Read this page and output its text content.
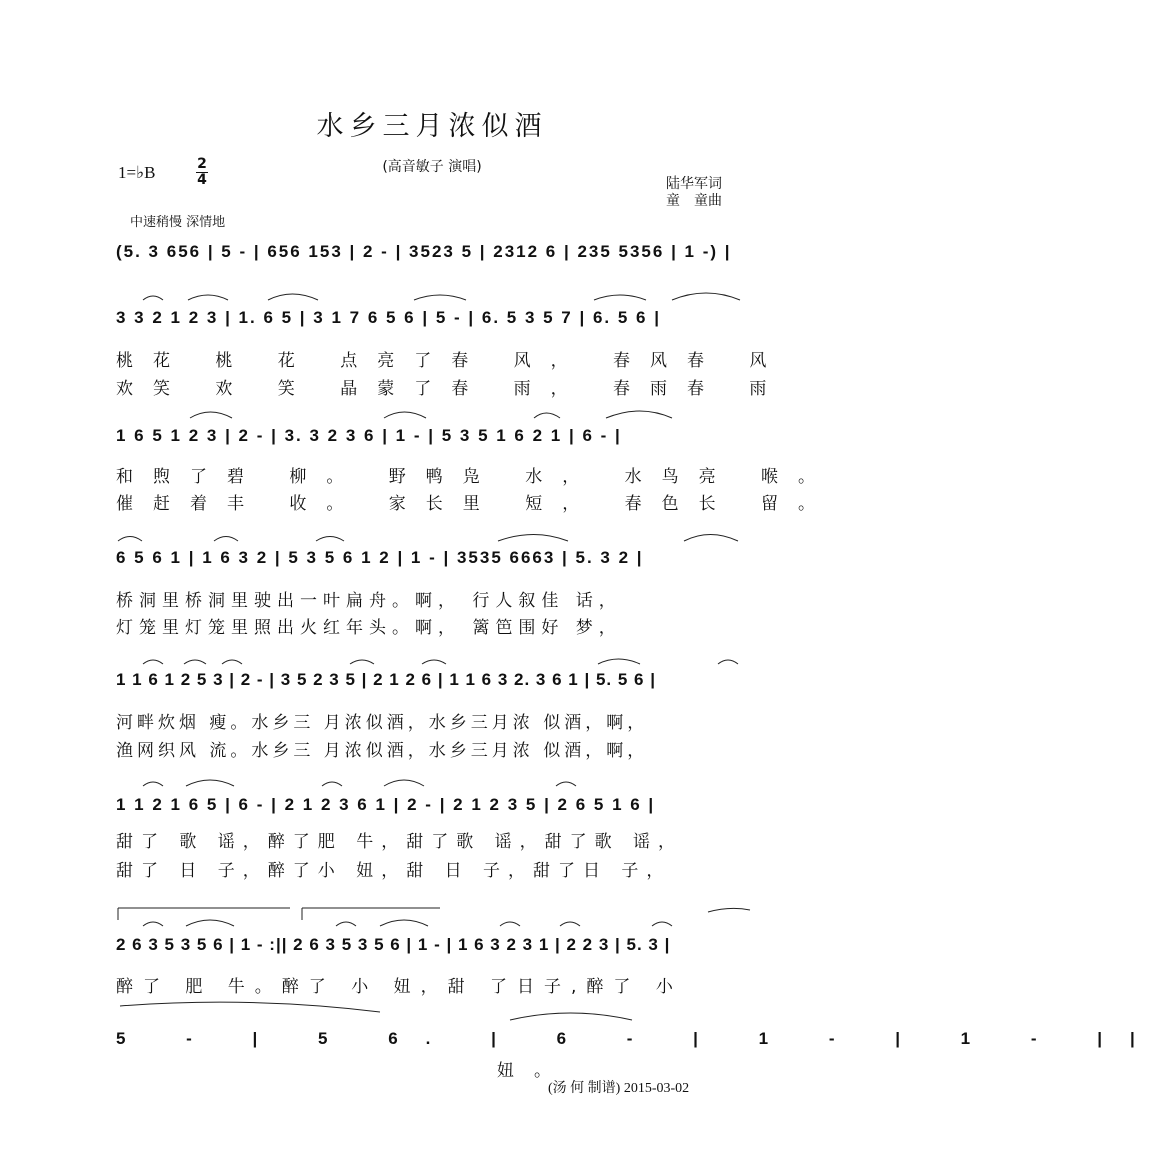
水乡三月浓似酒
(高音敏子 演唱)
1=♭B	2
4	陆华军词
童　童曲
中速稍慢 深情地
(5. 3 656 | 5 - | 656 153 | 2 - | 3523 5 | 2312 6 | 235 5356 | 1 -) |
3 3 2 1 2 3 | 1. 6 5 | 3 1 7 6 5 6 | 5 - | 6. 5 3 5 7 | 6. 5 6 |
桃花 桃 花 点亮了春 风， 春风春 风
欢笑 欢 笑 晶蒙了春 雨， 春雨春 雨
1 6 5 1 2 3 | 2 - | 3. 3 2 3 6 | 1 - | 5 3 5 1 6 2 1 | 6 - |
和煦了碧 柳。 野鸭凫 水， 水鸟亮 喉。
催赶着丰 收。 家长里 短， 春色长 留。
6 5 6 1 | 1 6 3 2 | 5 3 5 6 1 2 | 1 - | 3535 6663 | 5. 3 2 |
桥洞里桥洞里驶出一叶扁舟。啊， 行人叙佳 话，
灯笼里灯笼里照出火红年头。啊， 篱笆围好 梦，
1 1 6 1 2 5 3 | 2 - | 3 5 2 3 5 | 2 1 2 6 | 1 1 6 3 2. 3 6 1 | 5. 5 6 |
河畔炊烟 瘦。水乡三 月浓似酒，水乡三月浓 似酒，啊，
渔网织风 流。水乡三 月浓似酒，水乡三月浓 似酒，啊，
1 1 2 1 6 5 | 6 - | 2 1 2 3 6 1 | 2 - | 2 1 2 3 5 | 2 6 5 1 6 |
甜了 歌 谣，醉了肥 牛，甜了歌 谣，甜了歌 谣，
甜了 日 子，醉了小 妞，甜 日 子，甜了日 子，
2 6 3 5 3 5 6 | 1 - :|| 2 6 3 5 3 5 6 | 1 - | 1 6 3 2 3 1 | 2 2 3 | 5. 3 |
醉了 肥 牛。醉了 小 妞，甜 了日子,醉了 小
5 - | 5 6. | 6 - | 1 - | 1 - ||
妞。
(汤 何 制谱) 2015-03-02
